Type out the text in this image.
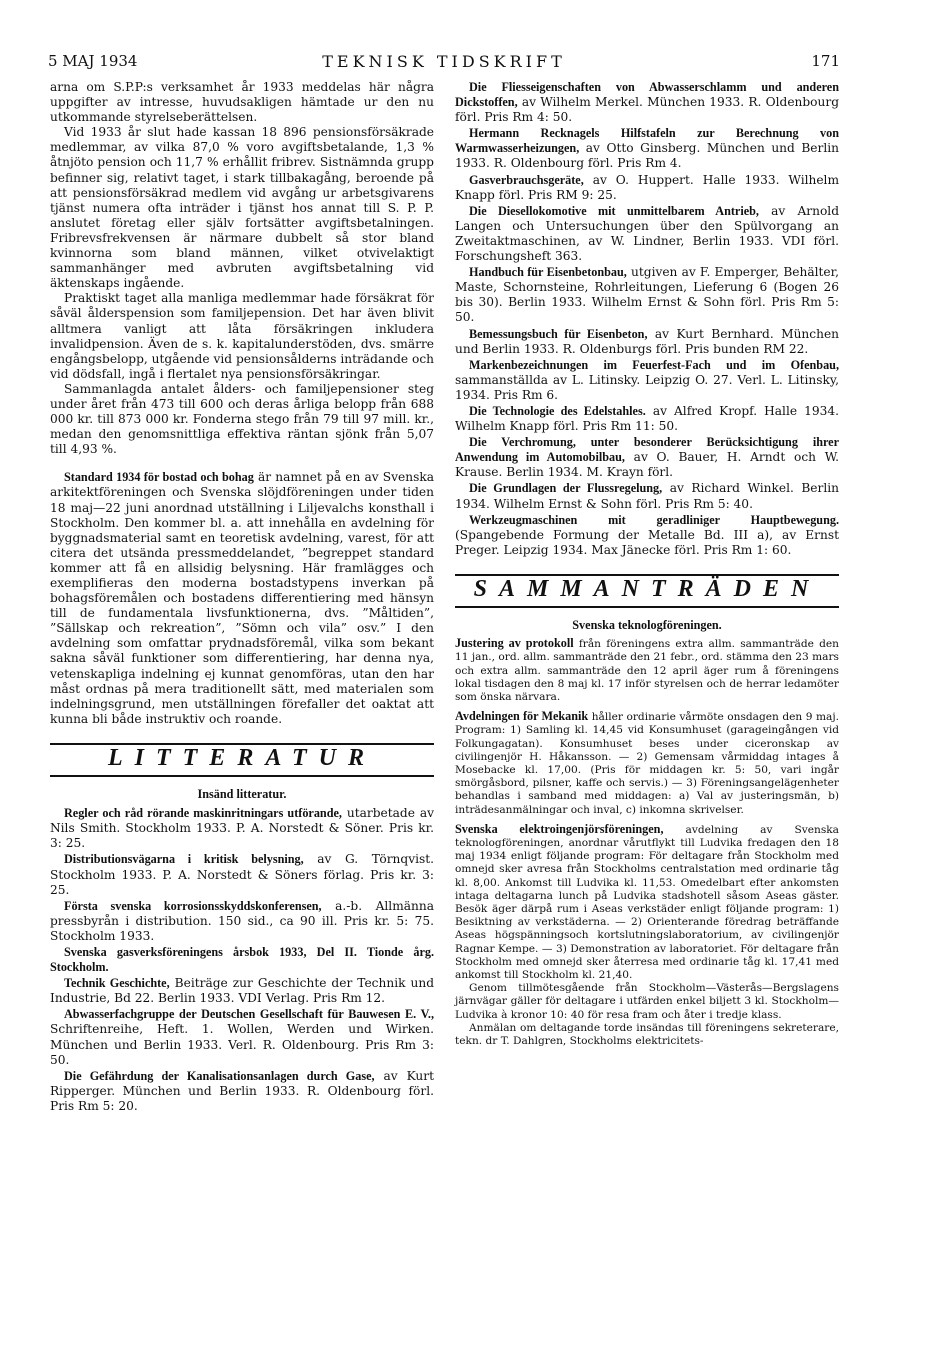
5 MAJ 1934	TEKNISK TIDSKRIFT	171

arna om S.P.P:s verksamhet år 1933 meddelas här några uppgifter av intresse, huvudsakligen hämtade ur den nu utkommande styrelseberättelsen.

Vid 1933 år slut hade kassan 18 896 pensionsförsäkrade medlemmar, av vilka 87,0 % voro avgiftsbetalande, 1,3 % åtnjöto pension och 11,7 % erhållit fribrev. Sistnämnda grupp befinner sig, relativt taget, i stark tillbakagång, beroende på att pensionsförsäkrad medlem vid avgång ur arbetsgivarens tjänst numera ofta inträder i tjänst hos annat till S. P. P. anslutet företag eller själv fortsätter avgiftsbetalningen. Fribrevsfrekvensen är närmare dubbelt så stor bland kvinnorna som bland männen, vilket otvivelaktigt sammanhänger med avbruten avgiftsbetalning vid äktenskaps ingående.

Praktiskt taget alla manliga medlemmar hade försäkrat för såväl ålderspension som familjepension. Det har även blivit alltmera vanligt att låta försäkringen inkludera invalidpension. Även de s. k. kapitalunderstöden, dvs. smärre engångsbelopp, utgående vid pensionsålderns inträdande och vid dödsfall, ingå i flertalet nya pensionsförsäkringar.

Sammanlagda antalet ålders- och familjepensioner steg under året från 473 till 600 och deras årliga belopp från 688 000 kr. till 873 000 kr. Fonderna stego från 79 till 97 mill. kr., medan den genomsnittliga effektiva räntan sjönk från 5,07 till 4,93 %.

Standard 1934 för bostad och bohag är namnet på en av Svenska arkitektföreningen och Svenska slöjdföreningen under tiden 18 maj—22 juni anordnad utställning i Liljevalchs konsthall i Stockholm. Den kommer bl. a. att innehålla en avdelning för byggnadsmaterial samt en teoretisk avdelning, varest, för att citera det utsända pressmeddelandet, ”begreppet standard kommer att få en allsidig belysning. Här framlägges och exemplifieras den moderna bostadstypens inverkan på bohagsföremålen och bostadens differentiering med hänsyn till de fundamentala livsfunktionerna, dvs. ”Måltiden”, ”Sällskap och rekreation”, ”Sömn och vila” osv.” I den avdelning som omfattar prydnadsföremål, vilka som bekant sakna såväl funktioner som differentiering, har denna nya, vetenskapliga indelning ej kunnat genomföras, utan den har måst ordnas på mera traditionellt sätt, med materialen som indelningsgrund, men utställningen förefaller det oaktat att kunna bli både instruktiv och roande.

LITTERATUR
Insänd litteratur.

Regler och råd rörande maskinritningars utförande, utarbetade av Nils Smith. Stockholm 1933. P. A. Norstedt & Söner. Pris kr. 3: 25.

Distributionsvägarna i kritisk belysning, av G. Törnqvist. Stockholm 1933. P. A. Norstedt & Söners förlag. Pris kr. 3: 25.

Första svenska korrosionsskyddskonferensen, a.-b. Allmänna pressbyrån i distribution. 150 sid., ca 90 ill. Pris kr. 5: 75. Stockholm 1933.

Svenska gasverksföreningens årsbok 1933, Del II. Tionde årg. Stockholm.

Technik Geschichte, Beiträge zur Geschichte der Technik und Industrie, Bd 22. Berlin 1933. VDI Verlag. Pris Rm 12.

Abwasserfachgruppe der Deutschen Gesellschaft für Bauwesen E. V., Schriftenreihe, Heft. 1. Wollen, Werden und Wirken. München und Berlin 1933. Verl. R. Oldenbourg. Pris Rm 3: 50.

Die Gefährdung der Kanalisationsanlagen durch Gase, av Kurt Ripperger. München und Berlin 1933. R. Oldenbourg förl. Pris Rm 5: 20.

Die Fliesseigenschaften von Abwasserschlamm und anderen Dickstoffen, av Wilhelm Merkel. München 1933. R. Oldenbourg förl. Pris Rm 4: 50.

Hermann Recknagels Hilfstafeln zur Berechnung von Warmwasserheizungen, av Otto Ginsberg. München und Berlin 1933. R. Oldenbourg förl. Pris Rm 4.

Gasverbrauchsgeräte, av O. Huppert. Halle 1933. Wilhelm Knapp förl. Pris RM 9: 25.

Die Diesellokomotive mit unmittelbarem Antrieb, av Arnold Langen och Untersuchungen über den Spülvorgang an Zweitaktmaschinen, av W. Lindner, Berlin 1933. VDI förl. Forschungsheft 363.

Handbuch für Eisenbetonbau, utgiven av F. Emperger, Behälter, Maste, Schornsteine, Rohrleitungen, Lieferung 6 (Bogen 26 bis 30). Berlin 1933. Wilhelm Ernst & Sohn förl. Pris Rm 5: 50.

Bemessungsbuch für Eisenbeton, av Kurt Bernhard. München und Berlin 1933. R. Oldenburgs förl. Pris bunden RM 22.

Markenbezeichnungen im Feuerfest-Fach und im Ofenbau, sammanställda av L. Litinsky. Leipzig O. 27. Verl. L. Litinsky, 1934. Pris Rm 6.

Die Technologie des Edelstahles. av Alfred Kropf. Halle 1934. Wilhelm Knapp förl. Pris Rm 11: 50.

Die Verchromung, unter besonderer Berücksichtigung ihrer Anwendung im Automobilbau, av O. Bauer, H. Arndt och W. Krause. Berlin 1934. M. Krayn förl.

Die Grundlagen der Flussregelung, av Richard Winkel. Berlin 1934. Wilhelm Ernst & Sohn förl. Pris Rm 5: 40.

Werkzeugmaschinen mit geradliniger Hauptbewegung. (Spangebende Formung der Metalle Bd. III a), av Ernst Preger. Leipzig 1934. Max Jänecke förl. Pris Rm 1: 60.

SAMMANTRÄDEN
Svenska teknologföreningen.

Justering av protokoll från föreningens extra allm. sammanträde den 11 jan., ord. allm. sammanträde den 21 febr., ord. stämma den 23 mars och extra allm. sammanträde den 12 april äger rum å föreningens lokal tisdagen den 8 maj kl. 17 inför styrelsen och de herrar ledamöter som önska närvara.

Avdelningen för Mekanik håller ordinarie vårmöte onsdagen den 9 maj. Program: 1) Samling kl. 14,45 vid Konsumhuset (garageingången vid Folkungagatan). Konsumhuset beses under ciceronskap av civilingenjör H. Håkansson. — 2) Gemensam vårmiddag intages å Mosebacke kl. 17,00. (Pris för middagen kr. 5: 50, vari ingår smörgåsbord, pilsner, kaffe och servis.) — 3) Föreningsangelägenheter behandlas i samband med middagen: a) Val av justeringsmän, b) inträdesanmälningar och inval, c) inkomna skrivelser.

Svenska elektroingenjörsföreningen, avdelning av Svenska teknologföreningen, anordnar vårutflykt till Ludvika fredagen den 18 maj 1934 enligt följande program: För deltagare från Stockholm med omnejd sker avresa från Stockholms centralstation med ordinarie tåg kl. 8,00. Ankomst till Ludvika kl. 11,53. Omedelbart efter ankomsten intaga deltagarna lunch på Ludvika stadshotell såsom Aseas gäster. Besök äger därpå rum i Aseas verkstäder enligt följande program: 1) Besiktning av verkstäderna. — 2) Orienterande föredrag beträffande Aseas högspänningsoch kortslutningslaboratorium, av civilingenjör Ragnar Kempe. — 3) Demonstration av laboratoriet. För deltagare från Stockholm med omnejd sker återresa med ordinarie tåg kl. 17,41 med ankomst till Stockholm kl. 21,40.

Genom tillmötesgående från Stockholm—Västerås—Bergslagens järnvägar gäller för deltagare i utfärden enkel biljett 3 kl. Stockholm—Ludvika à kronor 10: 40 för resa fram och åter i tredje klass.

Anmälan om deltagande torde insändas till föreningens sekreterare, tekn. dr T. Dahlgren, Stockholms elektricitets-
